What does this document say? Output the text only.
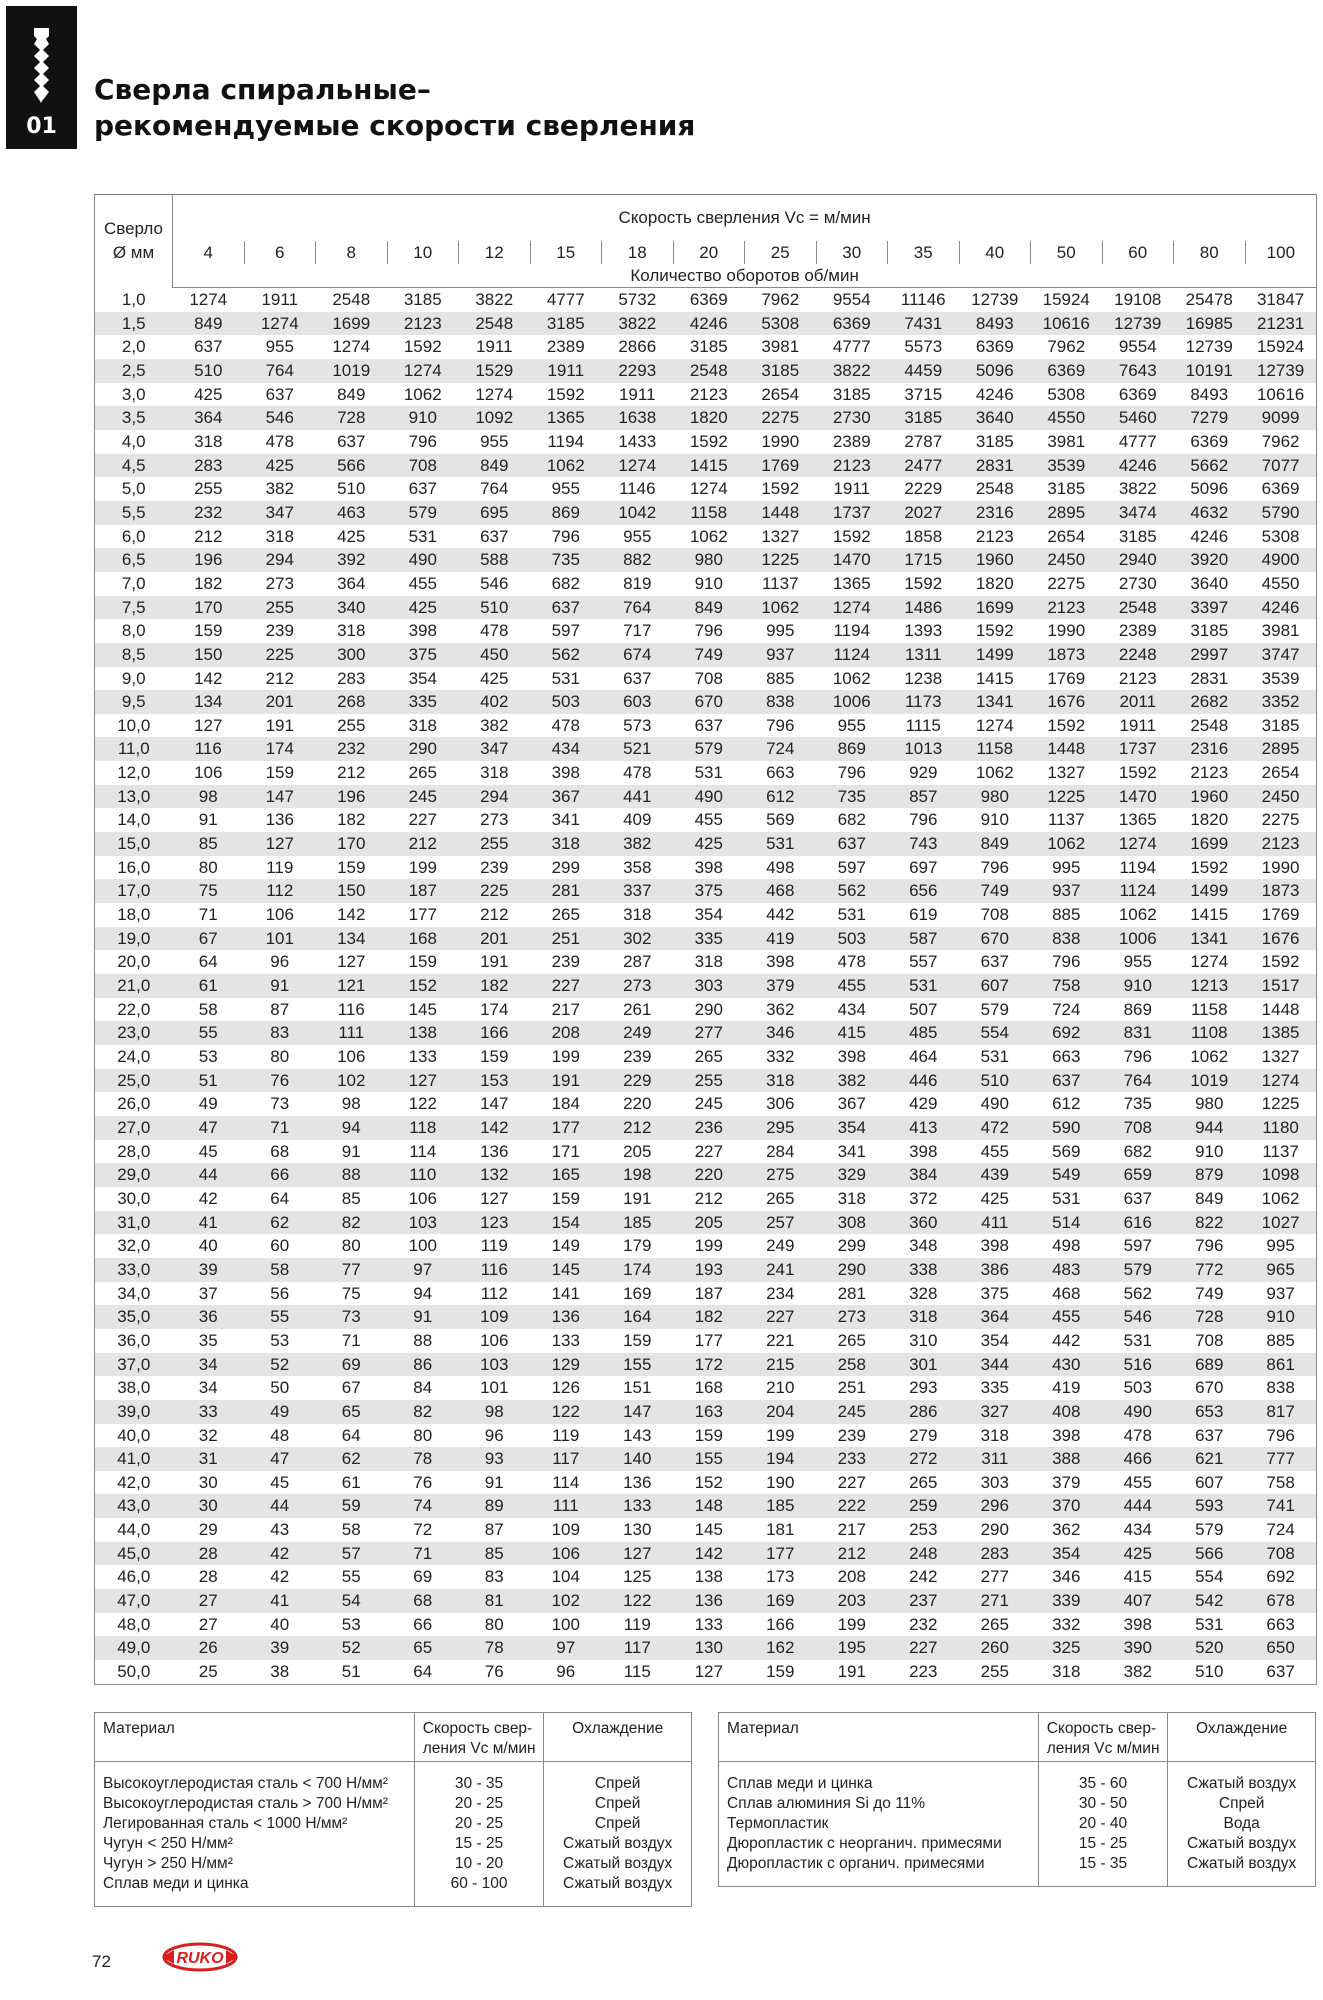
01
Сверла спиральные–
рекомендуемые скорости сверления
Сверло
Ø мм	Скорость сверления Vc = м/мин															
	4	6	8	10	12	15	18	20	25	30	35	40	50	60	80	100
	Количество оборотов об/мин															
1,0	1274	1911	2548	3185	3822	4777	5732	6369	7962	9554	11146	12739	15924	19108	25478	31847
1,5	849	1274	1699	2123	2548	3185	3822	4246	5308	6369	7431	8493	10616	12739	16985	21231
2,0	637	955	1274	1592	1911	2389	2866	3185	3981	4777	5573	6369	7962	9554	12739	15924
2,5	510	764	1019	1274	1529	1911	2293	2548	3185	3822	4459	5096	6369	7643	10191	12739
3,0	425	637	849	1062	1274	1592	1911	2123	2654	3185	3715	4246	5308	6369	8493	10616
3,5	364	546	728	910	1092	1365	1638	1820	2275	2730	3185	3640	4550	5460	7279	9099
4,0	318	478	637	796	955	1194	1433	1592	1990	2389	2787	3185	3981	4777	6369	7962
4,5	283	425	566	708	849	1062	1274	1415	1769	2123	2477	2831	3539	4246	5662	7077
5,0	255	382	510	637	764	955	1146	1274	1592	1911	2229	2548	3185	3822	5096	6369
5,5	232	347	463	579	695	869	1042	1158	1448	1737	2027	2316	2895	3474	4632	5790
6,0	212	318	425	531	637	796	955	1062	1327	1592	1858	2123	2654	3185	4246	5308
6,5	196	294	392	490	588	735	882	980	1225	1470	1715	1960	2450	2940	3920	4900
7,0	182	273	364	455	546	682	819	910	1137	1365	1592	1820	2275	2730	3640	4550
7,5	170	255	340	425	510	637	764	849	1062	1274	1486	1699	2123	2548	3397	4246
8,0	159	239	318	398	478	597	717	796	995	1194	1393	1592	1990	2389	3185	3981
8,5	150	225	300	375	450	562	674	749	937	1124	1311	1499	1873	2248	2997	3747
9,0	142	212	283	354	425	531	637	708	885	1062	1238	1415	1769	2123	2831	3539
9,5	134	201	268	335	402	503	603	670	838	1006	1173	1341	1676	2011	2682	3352
10,0	127	191	255	318	382	478	573	637	796	955	1115	1274	1592	1911	2548	3185
11,0	116	174	232	290	347	434	521	579	724	869	1013	1158	1448	1737	2316	2895
12,0	106	159	212	265	318	398	478	531	663	796	929	1062	1327	1592	2123	2654
13,0	98	147	196	245	294	367	441	490	612	735	857	980	1225	1470	1960	2450
14,0	91	136	182	227	273	341	409	455	569	682	796	910	1137	1365	1820	2275
15,0	85	127	170	212	255	318	382	425	531	637	743	849	1062	1274	1699	2123
16,0	80	119	159	199	239	299	358	398	498	597	697	796	995	1194	1592	1990
17,0	75	112	150	187	225	281	337	375	468	562	656	749	937	1124	1499	1873
18,0	71	106	142	177	212	265	318	354	442	531	619	708	885	1062	1415	1769
19,0	67	101	134	168	201	251	302	335	419	503	587	670	838	1006	1341	1676
20,0	64	96	127	159	191	239	287	318	398	478	557	637	796	955	1274	1592
21,0	61	91	121	152	182	227	273	303	379	455	531	607	758	910	1213	1517
22,0	58	87	116	145	174	217	261	290	362	434	507	579	724	869	1158	1448
23,0	55	83	111	138	166	208	249	277	346	415	485	554	692	831	1108	1385
24,0	53	80	106	133	159	199	239	265	332	398	464	531	663	796	1062	1327
25,0	51	76	102	127	153	191	229	255	318	382	446	510	637	764	1019	1274
26,0	49	73	98	122	147	184	220	245	306	367	429	490	612	735	980	1225
27,0	47	71	94	118	142	177	212	236	295	354	413	472	590	708	944	1180
28,0	45	68	91	114	136	171	205	227	284	341	398	455	569	682	910	1137
29,0	44	66	88	110	132	165	198	220	275	329	384	439	549	659	879	1098
30,0	42	64	85	106	127	159	191	212	265	318	372	425	531	637	849	1062
31,0	41	62	82	103	123	154	185	205	257	308	360	411	514	616	822	1027
32,0	40	60	80	100	119	149	179	199	249	299	348	398	498	597	796	995
33,0	39	58	77	97	116	145	174	193	241	290	338	386	483	579	772	965
34,0	37	56	75	94	112	141	169	187	234	281	328	375	468	562	749	937
35,0	36	55	73	91	109	136	164	182	227	273	318	364	455	546	728	910
36,0	35	53	71	88	106	133	159	177	221	265	310	354	442	531	708	885
37,0	34	52	69	86	103	129	155	172	215	258	301	344	430	516	689	861
38,0	34	50	67	84	101	126	151	168	210	251	293	335	419	503	670	838
39,0	33	49	65	82	98	122	147	163	204	245	286	327	408	490	653	817
40,0	32	48	64	80	96	119	143	159	199	239	279	318	398	478	637	796
41,0	31	47	62	78	93	117	140	155	194	233	272	311	388	466	621	777
42,0	30	45	61	76	91	114	136	152	190	227	265	303	379	455	607	758
43,0	30	44	59	74	89	111	133	148	185	222	259	296	370	444	593	741
44,0	29	43	58	72	87	109	130	145	181	217	253	290	362	434	579	724
45,0	28	42	57	71	85	106	127	142	177	212	248	283	354	425	566	708
46,0	28	42	55	69	83	104	125	138	173	208	242	277	346	415	554	692
47,0	27	41	54	68	81	102	122	136	169	203	237	271	339	407	542	678
48,0	27	40	53	66	80	100	119	133	166	199	232	265	332	398	531	663
49,0	26	39	52	65	78	97	117	130	162	195	227	260	325	390	520	650
50,0	25	38	51	64	76	96	115	127	159	191	223	255	318	382	510	637
Материал	Скорость свер- ления Vc м/мин	Охлаждение
Высокоуглеродистая сталь < 700 Н/мм²	30 - 35	Спрей
Высокоуглеродистая сталь > 700 Н/мм²	20 - 25	Спрей
Легированная сталь < 1000 Н/мм²	20 - 25	Спрей
Чугун < 250 Н/мм²	15 - 25	Сжатый воздух
Чугун > 250 Н/мм²	10 - 20	Сжатый воздух
Сплав меди и цинка	60 - 100	Сжатый воздух
Материал	Скорость свер- ления Vc м/мин	Охлаждение
Сплав меди и цинка	35 - 60	Сжатый воздух
Сплав алюминия Si до 11%	30 - 50	Спрей
Термопластик	20 - 40	Вода
Дюропластик с неорганич. примесями	15 - 25	Сжатый воздух
Дюропластик с органич. примесями	15 - 35	Сжатый воздух
72	RUKO
